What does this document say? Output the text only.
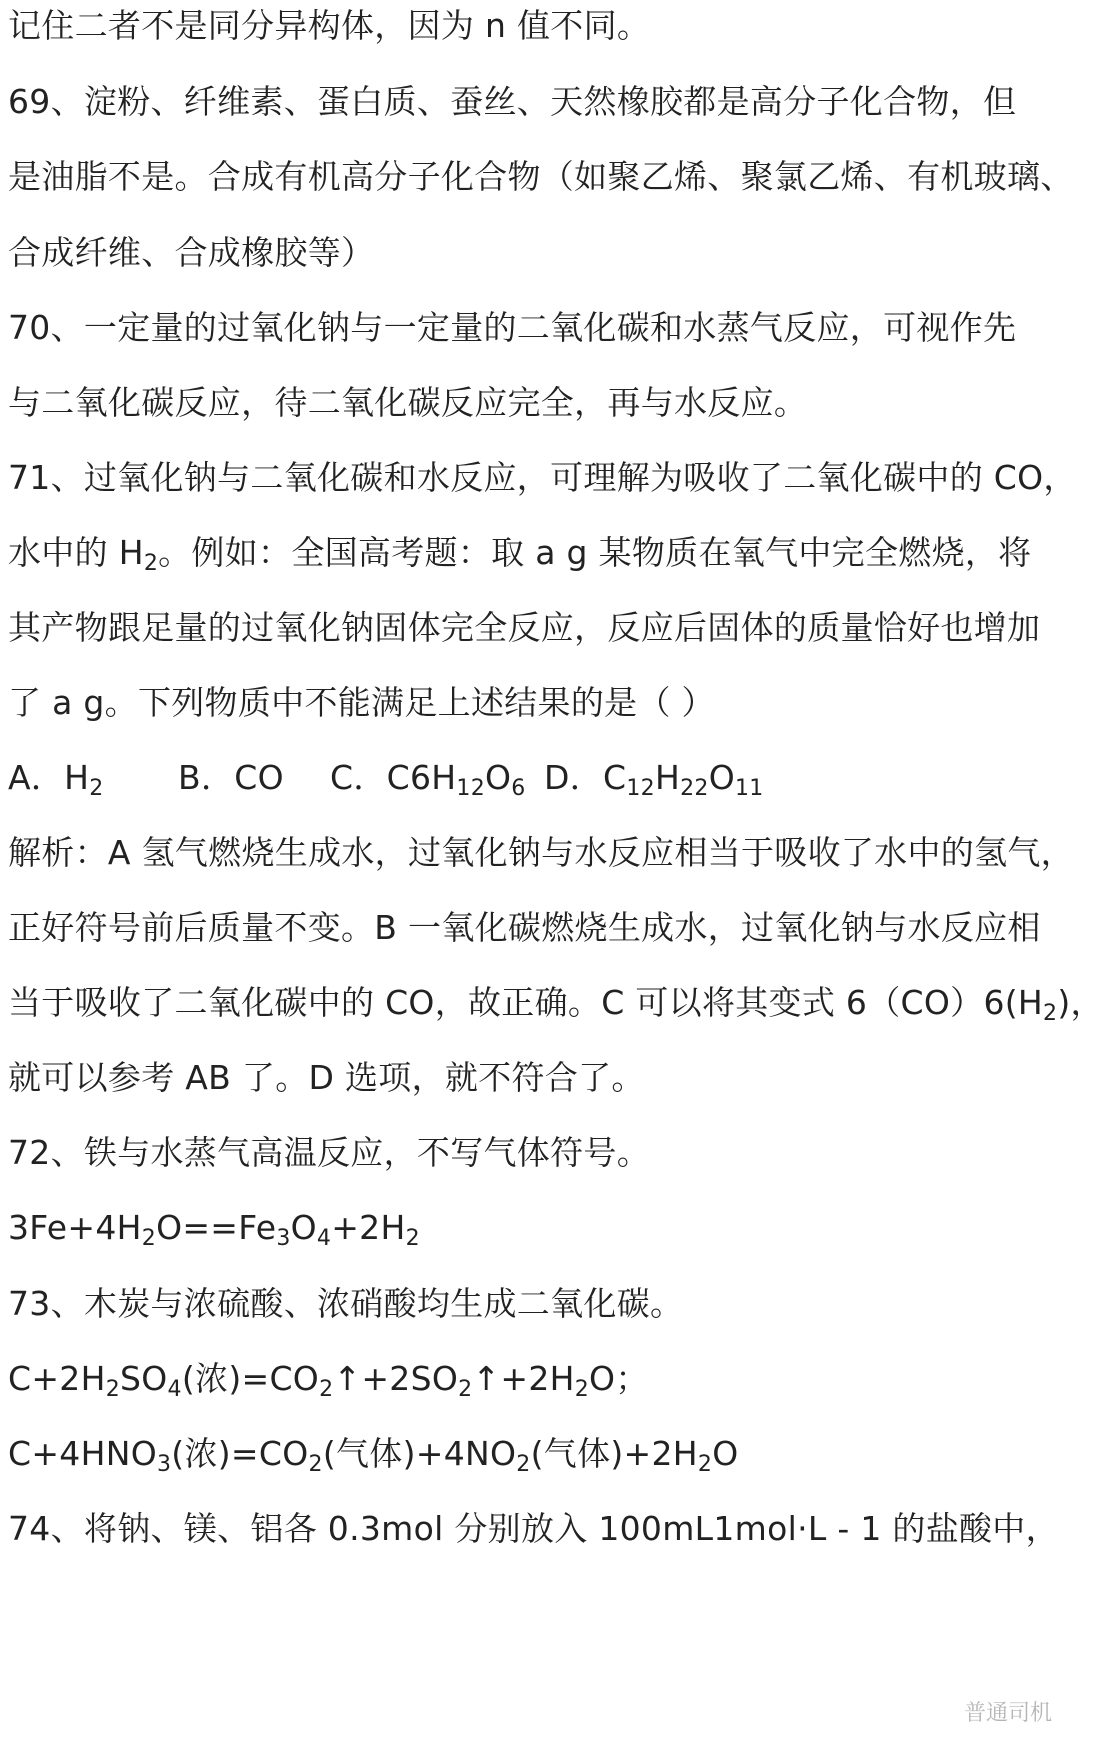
记住二者不是同分异构体，因为 n 值不同。
69、淀粉、纤维素、蛋白质、蚕丝、天然橡胶都是高分子化合物，但
是油脂不是。合成有机高分子化合物（如聚乙烯、聚氯乙烯、有机玻璃、
合成纤维、合成橡胶等）
70、一定量的过氧化钠与一定量的二氧化碳和水蒸气反应，可视作先
与二氧化碳反应，待二氧化碳反应完全，再与水反应。
71、过氧化钠与二氧化碳和水反应，可理解为吸收了二氧化碳中的 CO，
水中的 $H_2$。例如：全国高考题：取 a g 某物质在氧气中完全燃烧，将
其产物跟足量的过氧化钠固体完全反应，反应后固体的质量恰好也增加
了 a g。下列物质中不能满足上述结果的是（ ）
A．$H_2$ B．CO C．$C6H_{12}O_6$ D．$C_{12}H_{22}O_{11}$
解析：A 氢气燃烧生成水，过氧化钠与水反应相当于吸收了水中的氢气，
正好符号前后质量不变。B 一氧化碳燃烧生成水，过氧化钠与水反应相
当于吸收了二氧化碳中的 CO，故正确。C 可以将其变式 $6(CO)6(H_2)$，
就可以参考 AB 了。D 选项，就不符合了。
72、铁与水蒸气高温反应，不写气体符号。
$3Fe+4H_2O==Fe_3O_4+2H_2$
73、木炭与浓硫酸、浓硝酸均生成二氧化碳。
$C+2H_2SO_4$(浓)$=CO_2↑+2SO_2↑+2H_2O$；
$C+4HNO_3$(浓)$=CO_2$(气体)$+4NO_2$(气体)$+2H_2O$
74、将钠、镁、铝各 0.3mol 分别放入 100mL1mol·L - 1 的盐酸中，
普通司机
